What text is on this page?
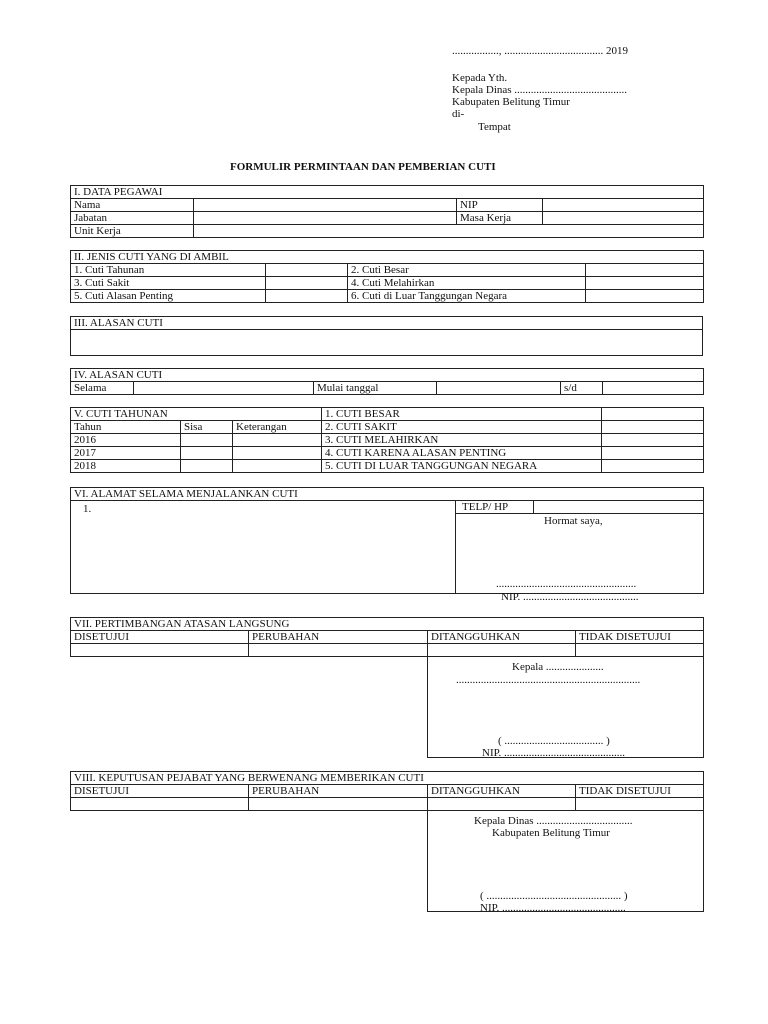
................., .................................... 2019
Kepada Yth.
Kepala Dinas .........................................
Kabupaten Belitung Timur
di-
Tempat
FORMULIR PERMINTAAN DAN PEMBERIAN CUTI
I. DATA PEGAWAI			
Nama		NIP	
Jabatan		Masa Kerja	
Unit Kerja			
II. JENIS CUTI YANG DI AMBIL			
1. Cuti Tahunan		2. Cuti Besar	
3. Cuti Sakit		4. Cuti Melahirkan	
5. Cuti Alasan Penting		6. Cuti di Luar Tanggungan Negara	
III. ALASAN CUTI

IV. ALASAN CUTI
Selama		Mulai tanggal		s/d	
V. CUTI TAHUNAN			1. CUTI BESAR	
Tahun	Sisa	Keterangan	2. CUTI SAKIT	
2016			3. CUTI MELAHIRKAN	
2017			4. CUTI KARENA ALASAN PENTING	
2018			5. CUTI DI LUAR TANGGUNGAN NEGARA	
VI. ALAMAT SELAMA MENJALANKAN CUTI
1.	TELP/ HP	

Hormat saya,
...................................................
NIP. ..........................................
VII. PERTIMBANGAN ATASAN LANGSUNG			
DISETUJUI	PERUBAHAN	DITANGGUHKAN	TIDAK DISETUJUI

		Kepala .....................
...................................................................
( .................................... )
NIP. ............................................	
VIII. KEPUTUSAN PEJABAT YANG BERWENANG MEMBERIKAN CUTI			
DISETUJUI	PERUBAHAN	DITANGGUHKAN	TIDAK DISETUJUI

		Kepala Dinas ...................................
Kabupaten Belitung Timur
( ................................................. )
NIP. .............................................	
